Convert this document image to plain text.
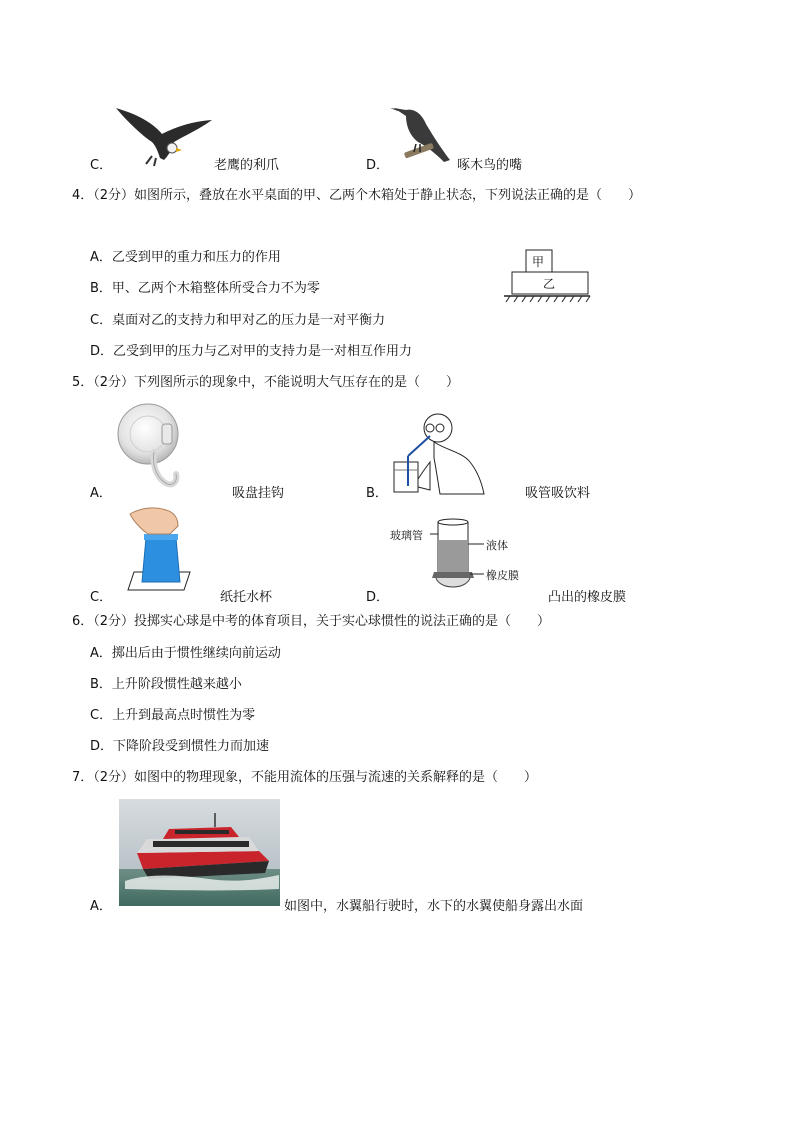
C．	老鹰的利爪	D．	啄木鸟的嘴
4．（2分）如图所示，叠放在水平桌面的甲、乙两个木箱处于静止状态，下列说法正确的是（　　）
A．乙受到甲的重力和压力的作用
B．甲、乙两个木箱整体所受合力不为零
C．桌面对乙的支持力和甲对乙的压力是一对平衡力
D．乙受到甲的压力与乙对甲的支持力是一对相互作用力
甲
乙
5．（2分）下列图所示的现象中，不能说明大气压存在的是（　　）
A．	吸盘挂钩	B．	吸管吸饮料
C．	纸托水杯
玻璃管
液体
橡皮膜
D．	凸出的橡皮膜
6．（2分）投掷实心球是中考的体育项目，关于实心球惯性的说法正确的是（　　）
A．掷出后由于惯性继续向前运动
B．上升阶段惯性越来越小
C．上升到最高点时惯性为零
D．下降阶段受到惯性力而加速
7．（2分）如图中的物理现象，不能用流体的压强与流速的关系解释的是（　　）
A．	如图中，水翼船行驶时，水下的水翼使船身露出水面
